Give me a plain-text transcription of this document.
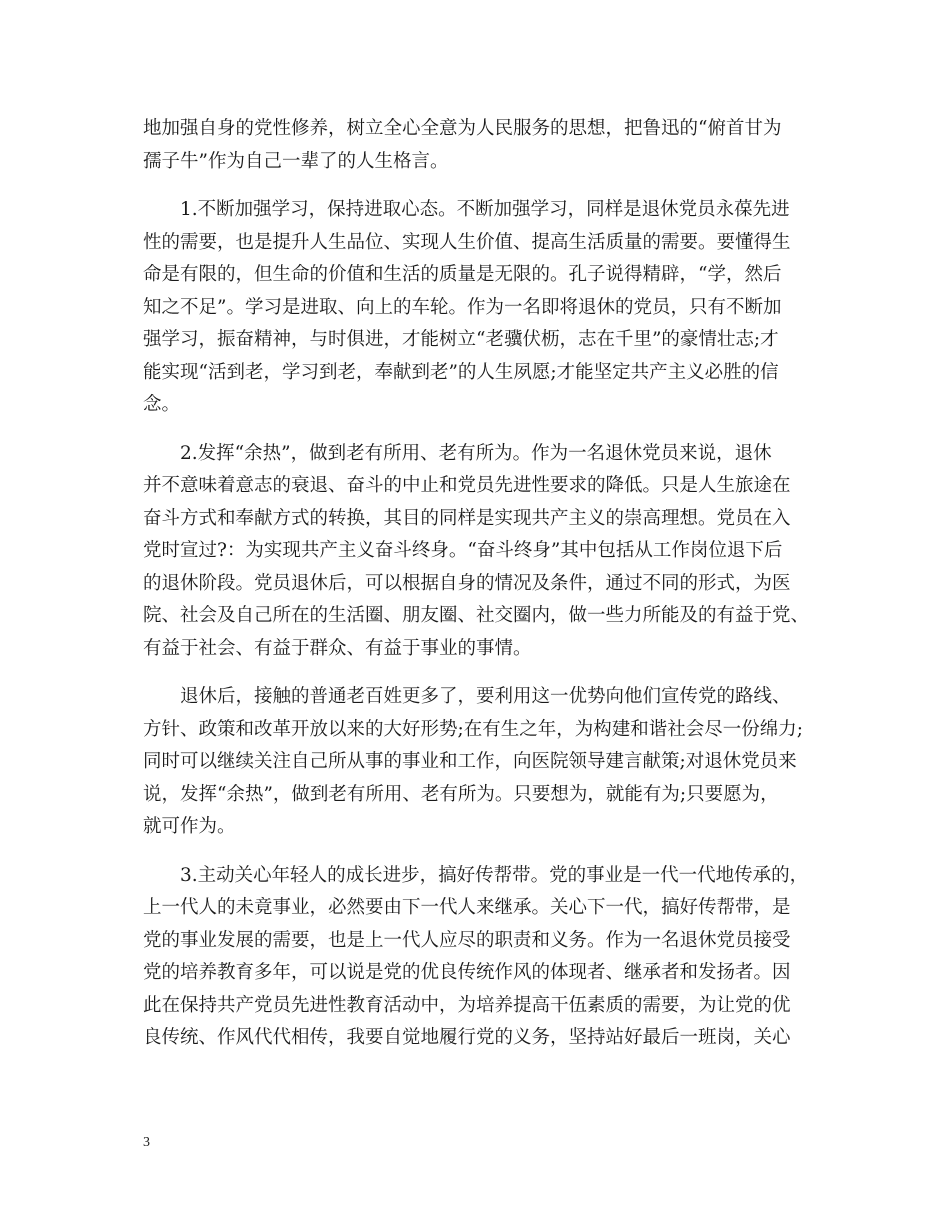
地加强自身的党性修养，树立全心全意为人民服务的思想，把鲁迅的“俯首甘为
孺子牛”作为自己一辈了的人生格言。

1.不断加强学习，保持进取心态。不断加强学习，同样是退休党员永葆先进
性的需要，也是提升人生品位、实现人生价值、提高生活质量的需要。要懂得生
命是有限的，但生命的价值和生活的质量是无限的。孔子说得精辟，“学，然后
知之不足”。学习是进取、向上的车轮。作为一名即将退休的党员，只有不断加
强学习，振奋精神，与时俱进，才能树立“老骥伏枥，志在千里”的豪情壮志;才
能实现“活到老，学习到老，奉献到老”的人生夙愿;才能坚定共产主义必胜的信
念。

2.发挥“余热”，做到老有所用、老有所为。作为一名退休党员来说，退休
并不意味着意志的衰退、奋斗的中止和党员先进性要求的降低。只是人生旅途在
奋斗方式和奉献方式的转换，其目的同样是实现共产主义的崇高理想。党员在入
党时宣过?：为实现共产主义奋斗终身。“奋斗终身”其中包括从工作岗位退下后
的退休阶段。党员退休后，可以根据自身的情况及条件，通过不同的形式，为医
院、社会及自己所在的生活圈、朋友圈、社交圈内，做一些力所能及的有益于党、
有益于社会、有益于群众、有益于事业的事情。

退休后，接触的普通老百姓更多了，要利用这一优势向他们宣传党的路线、
方针、政策和改革开放以来的大好形势;在有生之年，为构建和谐社会尽一份绵力;
同时可以继续关注自己所从事的事业和工作，向医院领导建言献策;对退休党员来
说，发挥“余热”，做到老有所用、老有所为。只要想为，就能有为;只要愿为，
就可作为。

3.主动关心年轻人的成长进步，搞好传帮带。党的事业是一代一代地传承的，
上一代人的未竟事业，必然要由下一代人来继承。关心下一代，搞好传帮带，是
党的事业发展的需要，也是上一代人应尽的职责和义务。作为一名退休党员接受
党的培养教育多年，可以说是党的优良传统作风的体现者、继承者和发扬者。因
此在保持共产党员先进性教育活动中，为培养提高干伍素质的需要，为让党的优
良传统、作风代代相传，我要自觉地履行党的义务，坚持站好最后一班岗，关心

3
